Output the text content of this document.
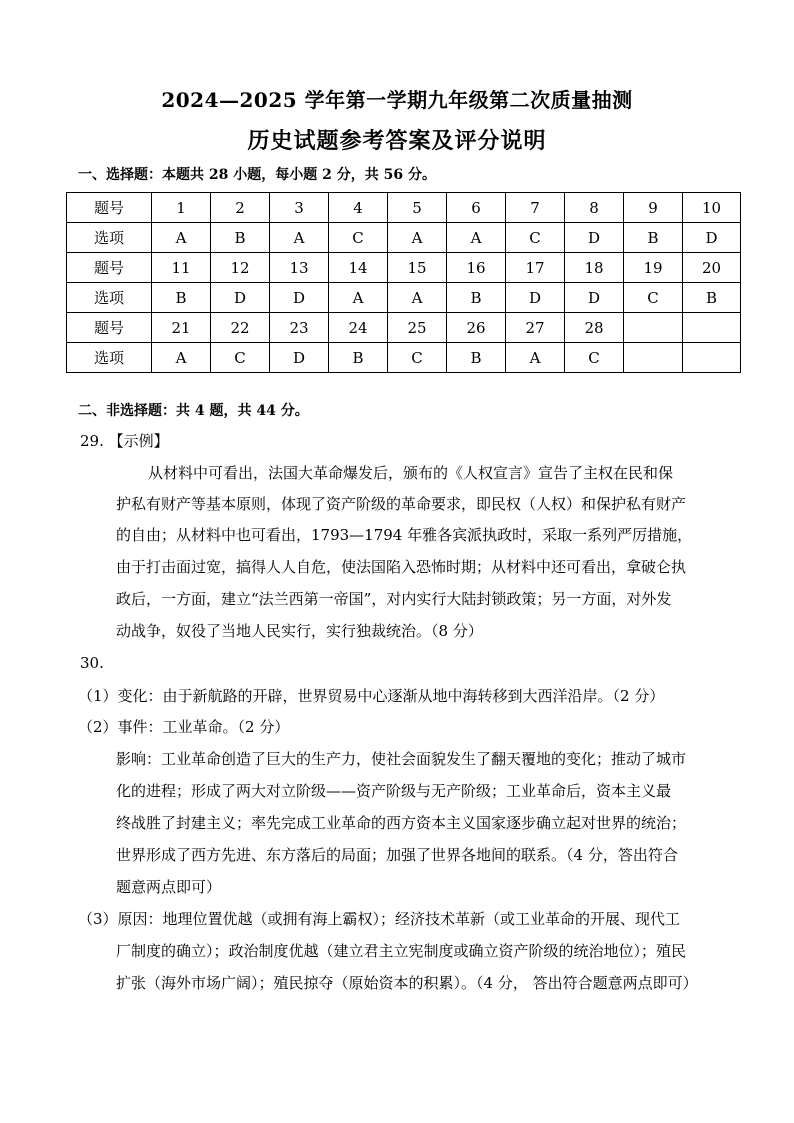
2024—2025 学年第一学期九年级第二次质量抽测
历史试题参考答案及评分说明
一、选择题：本题共 28 小题，每小题 2 分，共 56 分。
题号	1	2	3	4	5	6	7	8	9	10
选项	A	B	A	C	A	A	C	D	B	D
题号	11	12	13	14	15	16	17	18	19	20
选项	B	D	D	A	A	B	D	D	C	B
题号	21	22	23	24	25	26	27	28		
选项	A	C	D	B	C	B	A	C		
二、非选择题：共 4 题，共 44 分。
29. 【示例】
从材料中可看出，法国大革命爆发后，颁布的《人权宣言》宣告了主权在民和保
护私有财产等基本原则，体现了资产阶级的革命要求，即民权（人权）和保护私有财产
的自由；从材料中也可看出，1793—1794 年雅各宾派执政时，采取一系列严厉措施，
由于打击面过宽，搞得人人自危，使法国陷入恐怖时期；从材料中还可看出，拿破仑执
政后，一方面，建立“法兰西第一帝国”，对内实行大陆封锁政策；另一方面，对外发
动战争，奴役了当地人民实行，实行独裁统治。（8 分）
30.
（1）变化：由于新航路的开辟，世界贸易中心逐渐从地中海转移到大西洋沿岸。（2 分）
（2）事件：工业革命。（2 分）
影响：工业革命创造了巨大的生产力，使社会面貌发生了翻天覆地的变化；推动了城市
化的进程；形成了两大对立阶级——资产阶级与无产阶级；工业革命后，资本主义最
终战胜了封建主义；率先完成工业革命的西方资本主义国家逐步确立起对世界的统治；
世界形成了西方先进、东方落后的局面；加强了世界各地间的联系。（4 分，答出符合
题意两点即可）
（3）原因：地理位置优越（或拥有海上霸权）；经济技术革新（或工业革命的开展、现代工
厂制度的确立）；政治制度优越（建立君主立宪制度或确立资产阶级的统治地位）；殖民
扩张（海外市场广阔）；殖民掠夺（原始资本的积累）。（4 分， 答出符合题意两点即可）
